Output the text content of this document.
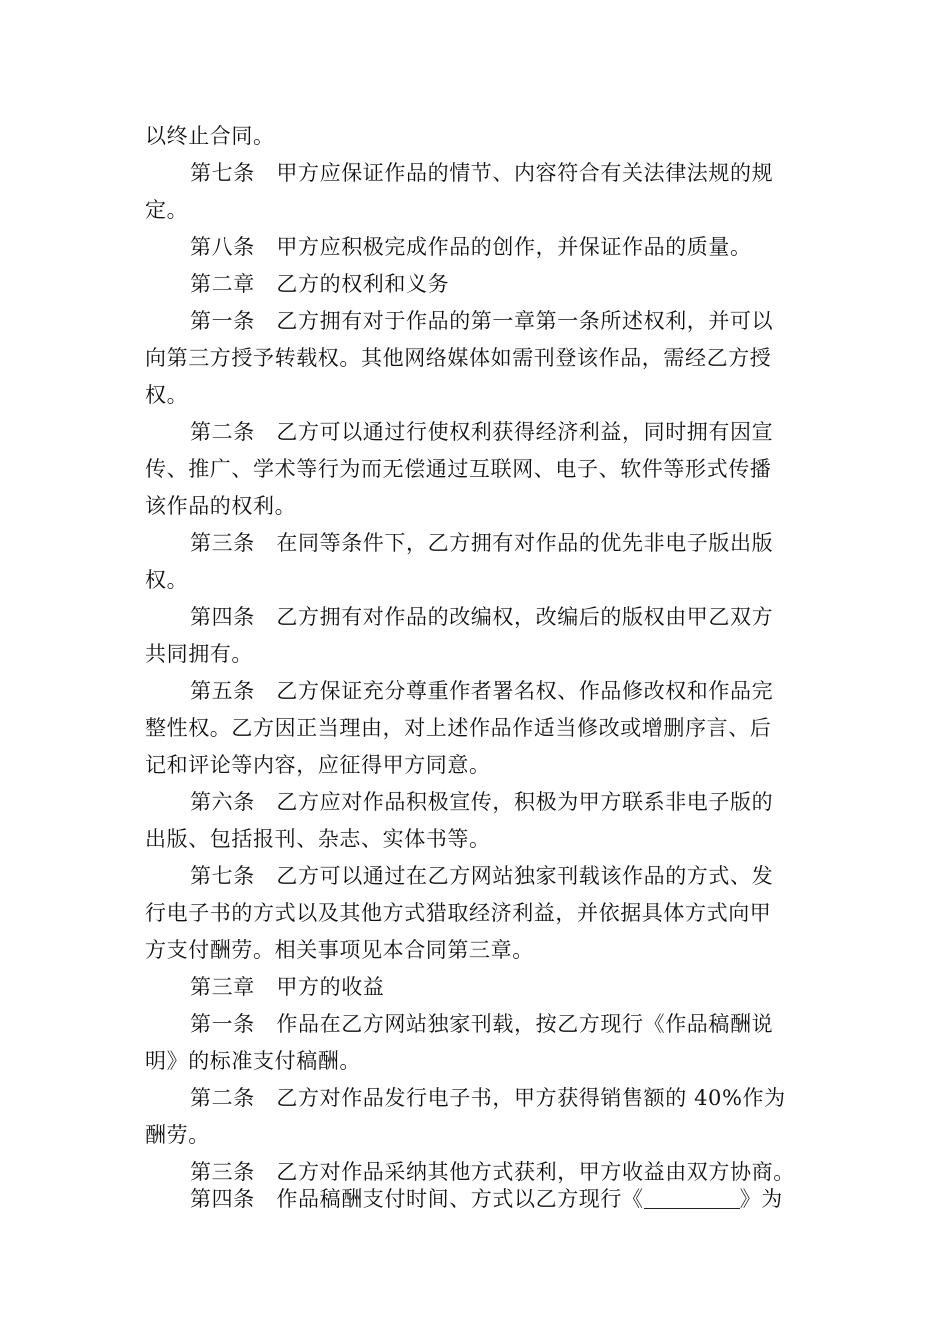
以终止合同。
第七条　甲方应保证作品的情节、内容符合有关法律法规的规
定。
第八条　甲方应积极完成作品的创作，并保证作品的质量。
第二章　乙方的权利和义务
第一条　乙方拥有对于作品的第一章第一条所述权利，并可以
向第三方授予转载权。其他网络媒体如需刊登该作品，需经乙方授
权。
第二条　乙方可以通过行使权利获得经济利益，同时拥有因宣
传、推广、学术等行为而无偿通过互联网、电子、软件等形式传播
该作品的权利。
第三条　在同等条件下，乙方拥有对作品的优先非电子版出版
权。
第四条　乙方拥有对作品的改编权，改编后的版权由甲乙双方
共同拥有。
第五条　乙方保证充分尊重作者署名权、作品修改权和作品完
整性权。乙方因正当理由，对上述作品作适当修改或增删序言、后
记和评论等内容，应征得甲方同意。
第六条　乙方应对作品积极宣传，积极为甲方联系非电子版的
出版、包括报刊、杂志、实体书等。
第七条　乙方可以通过在乙方网站独家刊载该作品的方式、发
行电子书的方式以及其他方式猎取经济利益，并依据具体方式向甲
方支付酬劳。相关事项见本合同第三章。
第三章　甲方的收益
第一条　作品在乙方网站独家刊载，按乙方现行《作品稿酬说
明》的标准支付稿酬。
第二条　乙方对作品发行电子书，甲方获得销售额的 40%作为
酬劳。
第三条　乙方对作品采纳其他方式获利，甲方收益由双方协商。
第四条　作品稿酬支付时间、方式以乙方现行《	》为
